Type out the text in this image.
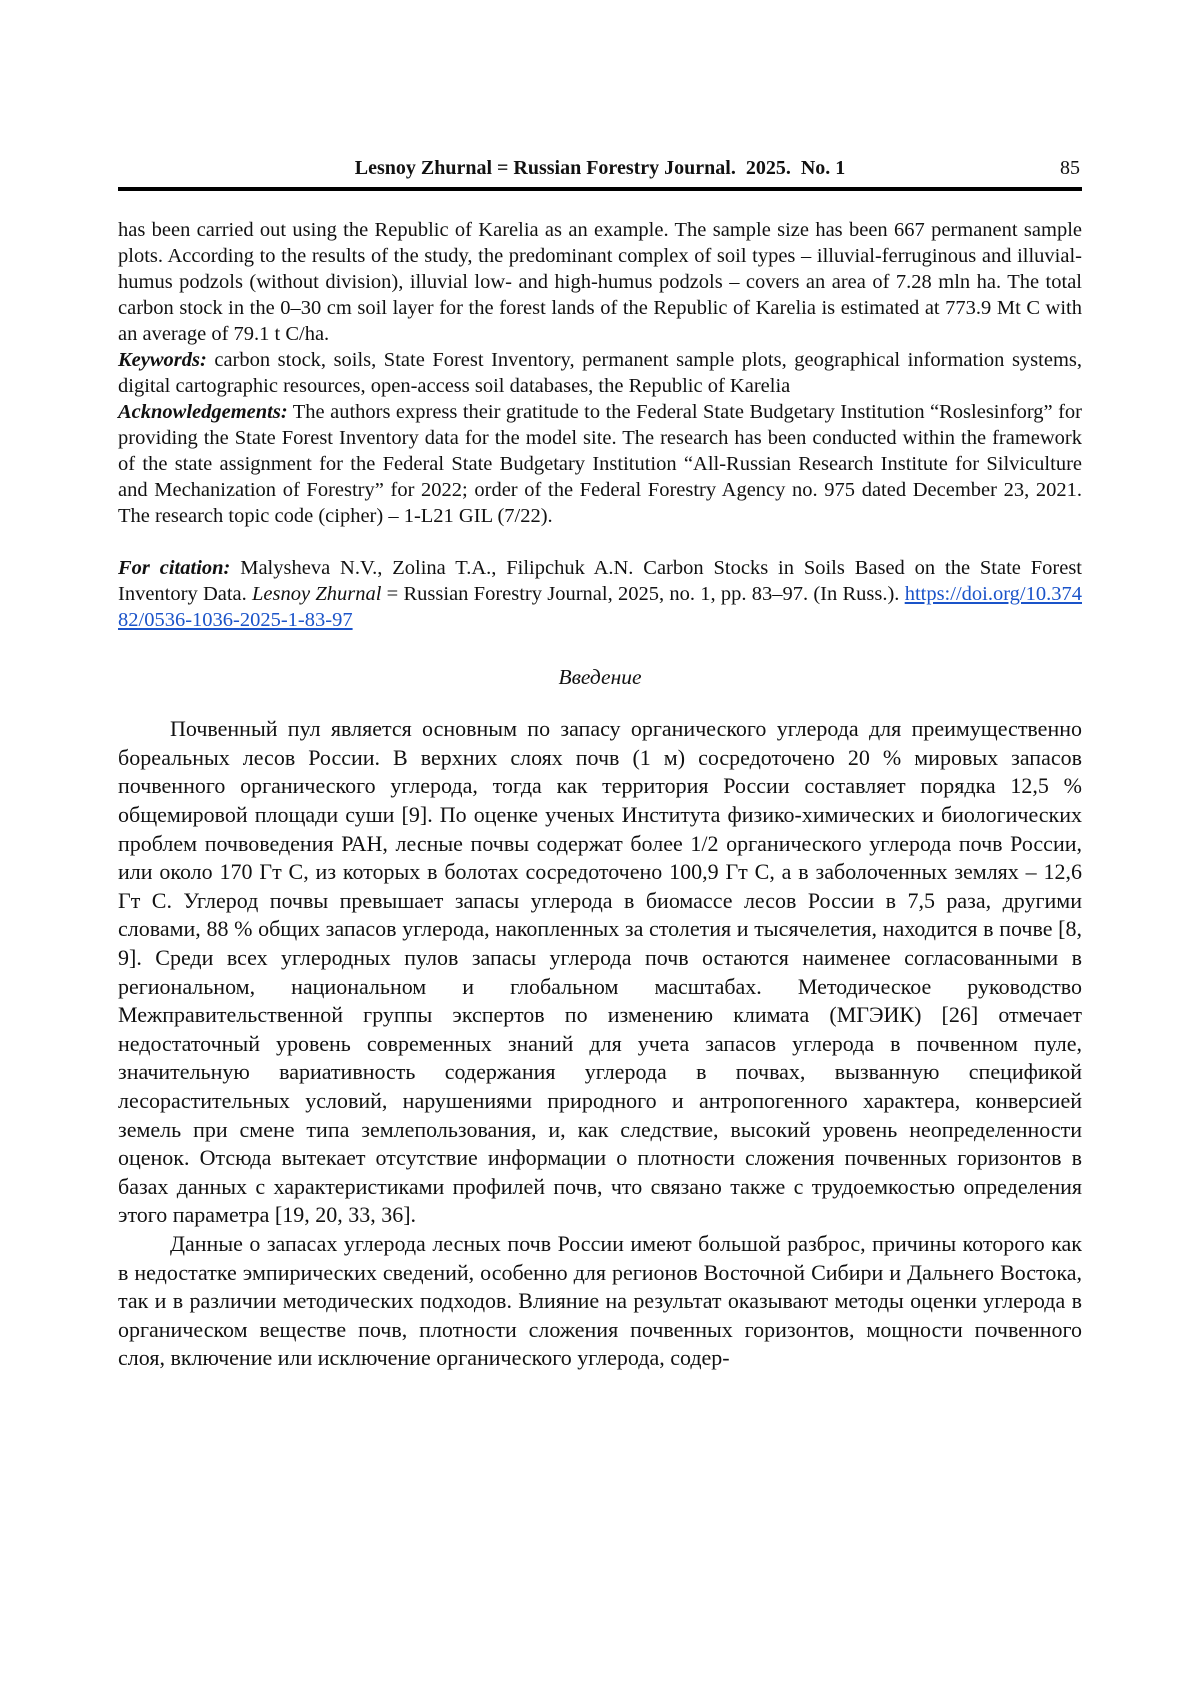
Lesnoy Zhurnal = Russian Forestry Journal.  2025.  No. 1	85

has been carried out using the Republic of Karelia as an example. The sample size has been 667 permanent sample plots. According to the results of the study, the predominant complex of soil types – illuvial-ferruginous and illuvial-humus podzols (without division), illuvial low- and high-humus podzols – covers an area of 7.28 mln ha. The total carbon stock in the 0–30 cm soil layer for the forest lands of the Republic of Karelia is estimated at 773.9 Mt C with an average of 79.1 t C/ha.

Keywords: carbon stock, soils, State Forest Inventory, permanent sample plots, geographical information systems, digital cartographic resources, open-access soil databases, the Republic of Karelia

Acknowledgements: The authors express their gratitude to the Federal State Budgetary Institution “Roslesinforg” for providing the State Forest Inventory data for the model site. The research has been conducted within the framework of the state assignment for the Federal State Budgetary Institution “All-Russian Research Institute for Silviculture and Mechanization of Forestry” for 2022; order of the Federal Forestry Agency no. 975 dated December 23, 2021. The research topic code (cipher) – 1-L21 GIL (7/22).

For citation: Malysheva N.V., Zolina T.A., Filipchuk A.N. Carbon Stocks in Soils Based on the State Forest Inventory Data. Lesnoy Zhurnal = Russian Forestry Journal, 2025, no. 1, pp. 83–97. (In Russ.). https://doi.org/10.37482/0536-1036-2025-1-83-97

Введение

Почвенный пул является основным по запасу органического углерода для преимущественно бореальных лесов России. В верхних слоях почв (1 м) сосредоточено 20 % мировых запасов почвенного органического углерода, тогда как территория России составляет порядка 12,5 % общемировой площади суши [9]. По оценке ученых Института физико-химических и биологических проблем почвоведения РАН, лесные почвы содержат более 1/2 органического углерода почв России, или около 170 Гт С, из которых в болотах сосредоточено 100,9 Гт С, а в заболоченных землях – 12,6 Гт С. Углерод почвы превышает запасы углерода в биомассе лесов России в 7,5 раза, другими словами, 88 % общих запасов углерода, накопленных за столетия и тысячелетия, находится в почве [8, 9]. Среди всех углеродных пулов запасы углерода почв остаются наименее согласованными в региональном, национальном и глобальном масштабах. Методическое руководство Межправительственной группы экспертов по изменению климата (МГЭИК) [26] отмечает недостаточный уровень современных знаний для учета запасов углерода в почвенном пуле, значительную вариативность содержания углерода в почвах, вызванную спецификой лесорастительных условий, нарушениями природного и антропогенного характера, конверсией земель при смене типа землепользования, и, как следствие, высокий уровень неопределенности оценок. Отсюда вытекает отсутствие информации о плотности сложения почвенных горизонтов в базах данных с характеристиками профилей почв, что связано также с трудоемкостью определения этого параметра [19, 20, 33, 36].

Данные о запасах углерода лесных почв России имеют большой разброс, причины которого как в недостатке эмпирических сведений, особенно для регионов Восточной Сибири и Дальнего Востока, так и в различии методических подходов. Влияние на результат оказывают методы оценки углерода в органическом веществе почв, плотности сложения почвенных горизонтов, мощности почвенного слоя, включение или исключение органического углерода, содер-
